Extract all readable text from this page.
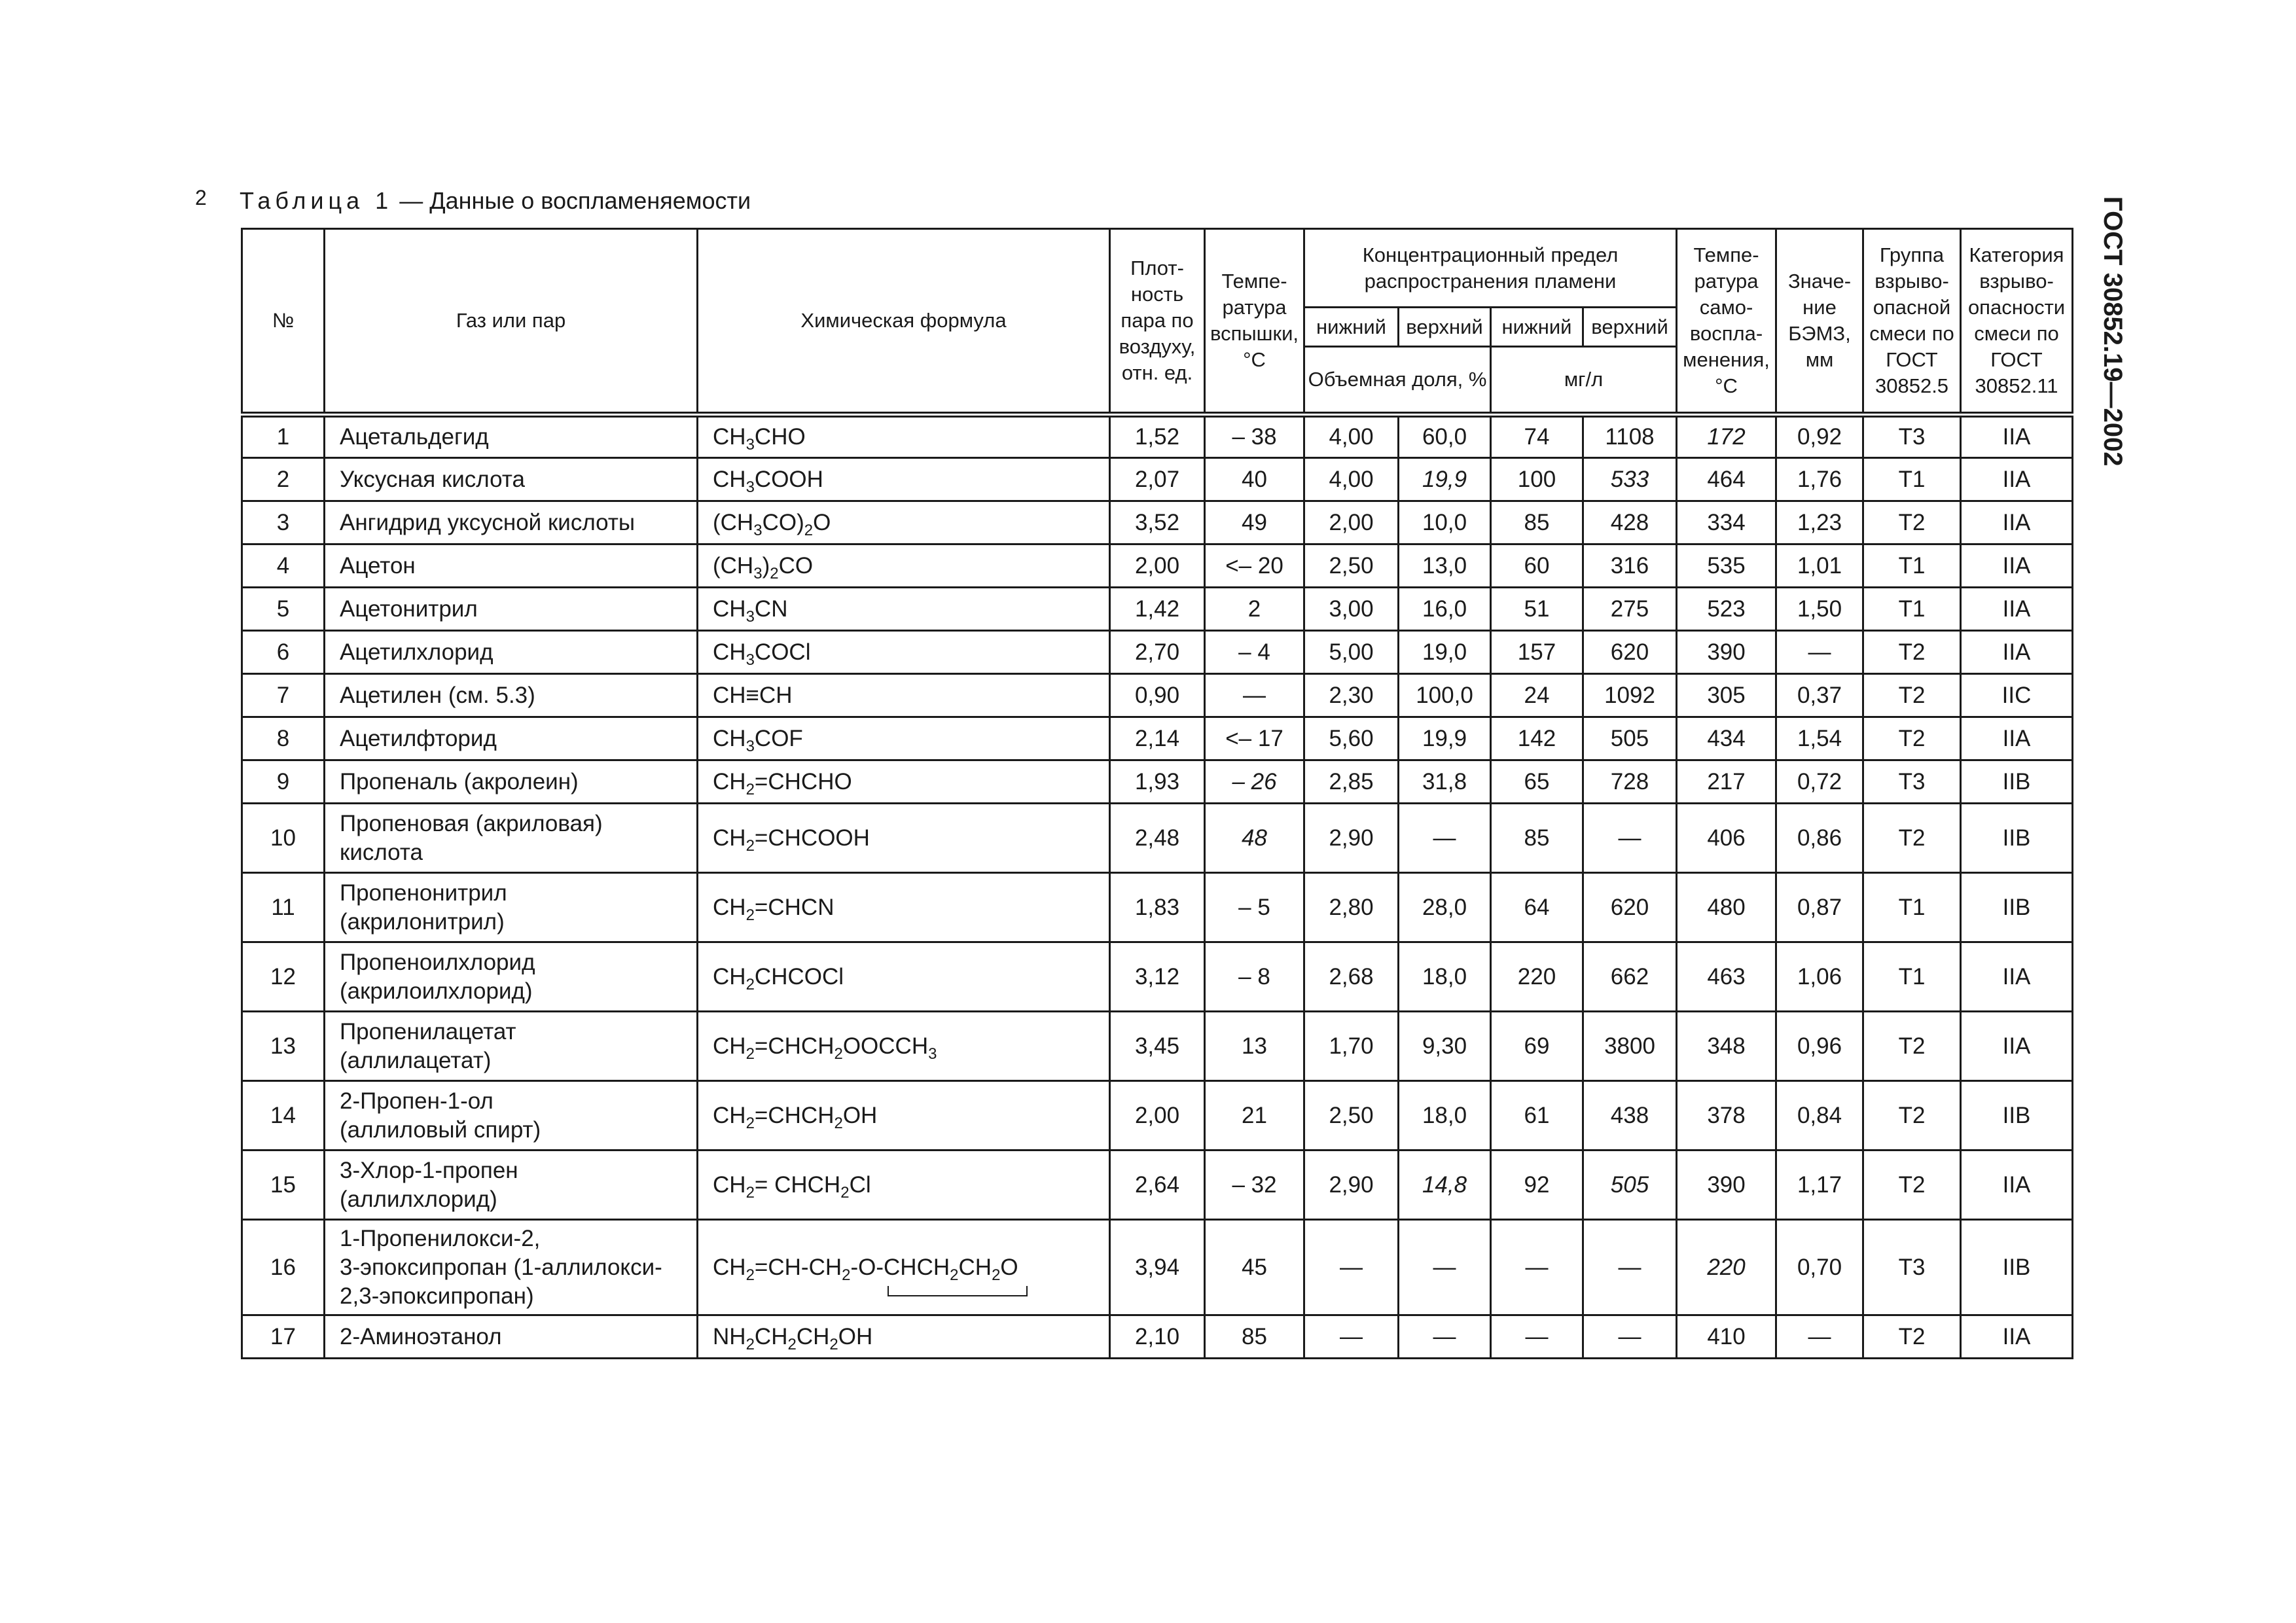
2 Таблица 1 — Данные о воспламеняемости	ГОСТ 30852.19—2002
№	Газ или пар	Химическая формула	Плот-ность пара по воздуху, отн. ед.	Темпе-ратура вспышки, °С	Концентрационный предел распространения пламени				Темпе-ратура само-воспла-менения, °С	Значе-ние БЭМЗ, мм	Группа взрыво-опасной смеси по ГОСТ 30852.5	Категория взрыво-опасности смеси по ГОСТ 30852.11
					нижний	верхний	нижний	верхний				
					Объемная доля, %		мг/л					
1	Ацетальдегид	$CH_3CHO$	1,52	– 38	4,00	60,0	74	1108	172	0,92	T3	IIA
2	Уксусная кислота	$CH_3COOH$	2,07	40	4,00	19,9	100	533	464	1,76	T1	IIA
3	Ангидрид уксусной кислоты	$(CH_3CO)_2O$	3,52	49	2,00	10,0	85	428	334	1,23	T2	IIA
4	Ацетон	$(CH_3)_2CO$	2,00	<– 20	2,50	13,0	60	316	535	1,01	T1	IIA
5	Ацетонитрил	$CH_3CN$	1,42	2	3,00	16,0	51	275	523	1,50	T1	IIA
6	Ацетилхлорид	$CH_3COCl$	2,70	– 4	5,00	19,0	157	620	390	—	T2	IIA
7	Ацетилен (см. 5.3)	CH≡CH	0,90	—	2,30	100,0	24	1092	305	0,37	T2	IIC
8	Ацетилфторид	$CH_3COF$	2,14	<– 17	5,60	19,9	142	505	434	1,54	T2	IIA
9	Пропеналь (акролеин)	$CH_2=CHCHO$	1,93	– 26	2,85	31,8	65	728	217	0,72	T3	IIB
10	Пропеновая (акриловая)
кислота	$CH_2=CHCOOH$	2,48	48	2,90	—	85	—	406	0,86	T2	IIB
11	Пропенонитрил
(акрилонитрил)	$CH_2=CHCN$	1,83	– 5	2,80	28,0	64	620	480	0,87	T1	IIB
12	Пропеноилхлорид
(акрилоилхлорид)	$CH_2CHCOCl$	3,12	– 8	2,68	18,0	220	662	463	1,06	T1	IIA
13	Пропенилацетат
(аллилацетат)	$CH_2=CHCH_2OOCCH_3$	3,45	13	1,70	9,30	69	3800	348	0,96	T2	IIA
14	2-Пропен-1-ол
(аллиловый спирт)	$CH_2=CHCH_2OH$	2,00	21	2,50	18,0	61	438	378	0,84	T2	IIB
15	3-Хлор-1-пропен
(аллилхлорид)	$CH_2=$ $CHCH_2Cl$	2,64	– 32	2,90	14,8	92	505	390	1,17	T2	IIA
16	1-Пропенилокси-2,
3-эпоксипропан (1-аллилокси-
2,3-эпоксипропан)	$CH_2=CH-CH_2-O-CHCH_2CH_2O$	3,94	45	—	—	—	—	220	0,70	T3	IIB
17	2-Аминоэтанол	$NH_2CH_2CH_2OH$	2,10	85	—	—	—	—	410	—	T2	IIA
